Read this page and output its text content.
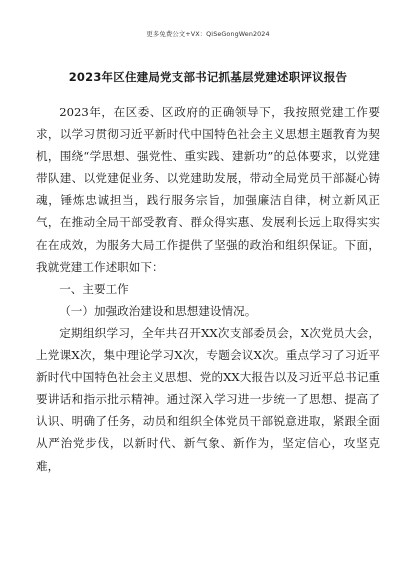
更多免费公文+VX：QiSeGongWen2024
2023年区住建局党支部书记抓基层党建述职评议报告

2023年，在区委、区政府的正确领导下，我按照党建工作要求，以学习贯彻习近平新时代中国特色社会主义思想主题教育为契机，围绕“学思想、强党性、重实践、建新功”的总体要求，以党建带队建、以党建促业务、以党建助发展，带动全局党员干部凝心铸魂，锤炼忠诚担当，践行服务宗旨，加强廉洁自律，树立新风正气，在推动全局干部受教育、群众得实惠、发展利长远上取得实实在在成效，为服务大局工作提供了坚强的政治和组织保证。下面，我就党建工作述职如下：

一、主要工作

（一）加强政治建设和思想建设情况。

定期组织学习，全年共召开XX次支部委员会，X次党员大会，上党课X次，集中理论学习X次，专题会议X次。重点学习了习近平新时代中国特色社会主义思想、党的XX大报告以及习近平总书记重要讲话和指示批示精神。通过深入学习进一步统一了思想、提高了认识、明确了任务，动员和组织全体党员干部锐意进取，紧跟全面从严治党步伐，以新时代、新气象、新作为，坚定信心，攻坚克难，
